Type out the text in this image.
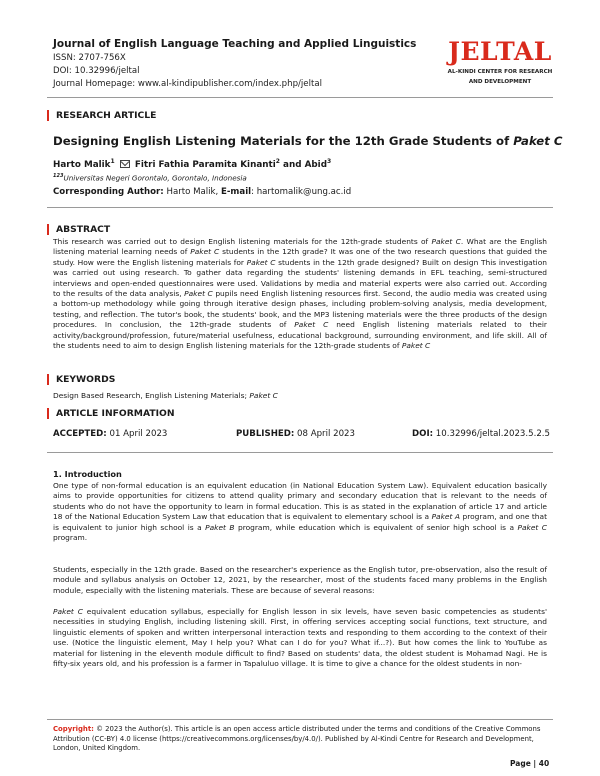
Journal of English Language Teaching and Applied Linguistics
ISSN: 2707-756X
DOI: 10.32996/jeltal
Journal Homepage: www.al-kindipublisher.com/index.php/jeltal
JELTAL
AL-KINDI CENTER FOR RESEARCH
AND DEVELOPMENT
RESEARCH ARTICLE
Designing English Listening Materials for the 12th Grade Students of Paket C
Harto Malik$^1$ Fitri Fathia Paramita Kinanti$^2$ and Abid$^3$
$^{123}$Universitas Negeri Gorontalo, Gorontalo, Indonesia
Corresponding Author: Harto Malik, E-mail: hartomalik@ung.ac.id
ABSTRACT

This research was carried out to design English listening materials for the 12th-grade students of Paket C. What are the English listening material learning needs of Paket C students in the 12th grade? It was one of the two research questions that guided the study. How were the English listening materials for Paket C students in the 12th grade designed? Built on design This investigation was carried out using research. To gather data regarding the students' listening demands in EFL teaching, semi-structured interviews and open-ended questionnaires were used. Validations by media and material experts were also carried out. According to the results of the data analysis, Paket C pupils need English listening resources first. Second, the audio media was created using a bottom-up methodology while going through iterative design phases, including problem-solving analysis, media development, testing, and reflection. The tutor's book, the students' book, and the MP3 listening materials were the three products of the design procedures. In conclusion, the 12th-grade students of Paket C need English listening materials related to their activity/background/profession, future/material usefulness, educational background, surrounding environment, and life skill. All of the students need to aim to design English listening materials for the 12th-grade students of Paket C

KEYWORDS
Design Based Research, English Listening Materials; Paket C
ARTICLE INFORMATION
ACCEPTED: 01 April 2023	PUBLISHED: 08 April 2023	DOI: 10.32996/jeltal.2023.5.2.5
1. Introduction

One type of non-formal education is an equivalent education (in National Education System Law). Equivalent education basically aims to provide opportunities for citizens to attend quality primary and secondary education that is relevant to the needs of students who do not have the opportunity to learn in formal education. This is as stated in the explanation of article 17 and article 18 of the National Education System Law that education that is equivalent to elementary school is a Paket A program, and one that is equivalent to junior high school is a Paket B program, while education which is equivalent of senior high school is a Paket C program.

Students, especially in the 12th grade. Based on the researcher's experience as the English tutor, pre-observation, also the result of module and syllabus analysis on October 12, 2021, by the researcher, most of the students faced many problems in the English module, especially with the listening materials. These are because of several reasons:

Paket C equivalent education syllabus, especially for English lesson in six levels, have seven basic competencies as students' necessities in studying English, including listening skill. First, in offering services accepting social functions, text structure, and linguistic elements of spoken and written interpersonal interaction texts and responding to them according to the context of their use. (Notice the linguistic element, May I help you? What can I do for you? What if...?). But how comes the link to YouTube as material for listening in the eleventh module difficult to find? Based on students' data, the oldest student is Mohamad Nagi. He is fifty-six years old, and his profession is a farmer in Tapaluluo village. It is time to give a chance for the oldest students in non-

Copyright: © 2023 the Author(s). This article is an open access article distributed under the terms and conditions of the Creative Commons Attribution (CC-BY) 4.0 license (https://creativecommons.org/licenses/by/4.0/). Published by Al-Kindi Centre for Research and Development, London, United Kingdom.

Page | 40
